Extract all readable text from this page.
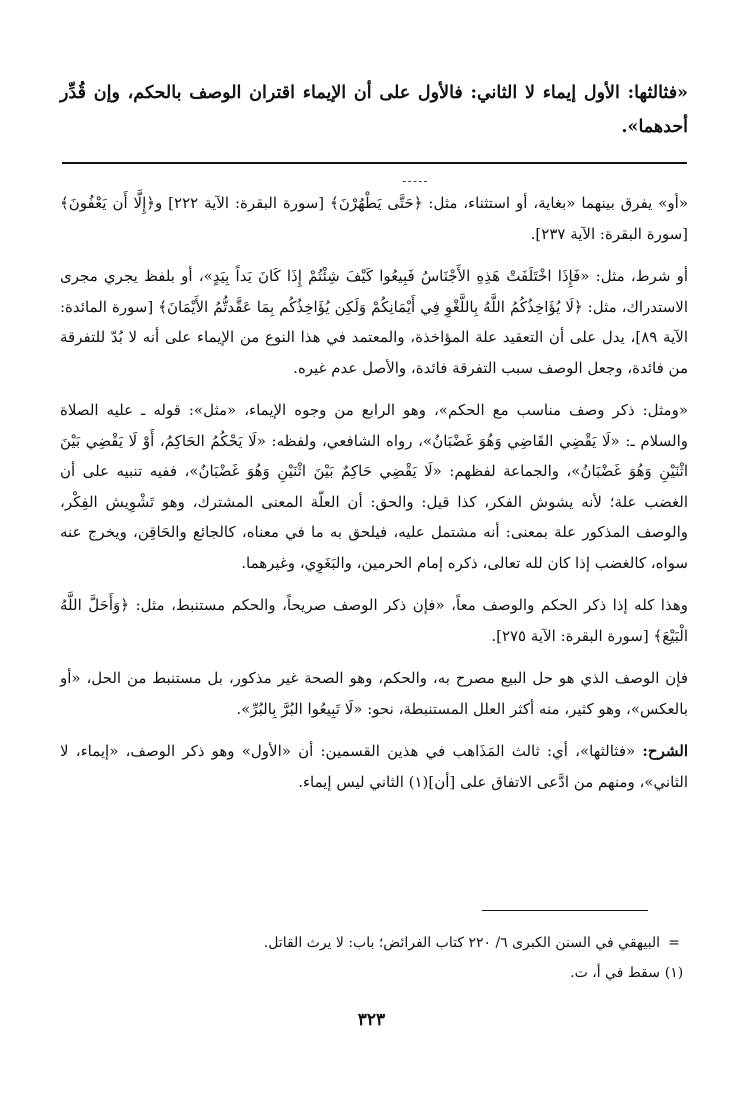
«فثالثها: الأول إيماء لا الثاني: فالأول على أن الإيماء اقتران الوصف بالحكم، وإن قُدِّر أحدهما».

«أو» يفرق بينهما «بغاية، أو استثناء، مثل: ﴿حَتَّى يَطْهُرْنَ﴾ [سورة البقرة: الآية ٢٢٢] و﴿إِلَّا أَن يَعْفُونَ﴾ [سورة البقرة: الآية ٢٣٧].

أو شرط، مثل: «فَإِذَا اخْتَلَفَتْ هَذِهِ الأَجْنَاسُ فَبِيعُوا كَيْفَ شِئْتُمْ إِذَا كَانَ يَداً بِيَدٍ»، أو بلفظ يجري مجرى الاستدراك، مثل: ﴿لَا يُؤَاخِذُكُمُ اللَّهُ بِاللَّغْوِ فِي أَيْمَانِكُمْ وَلَكِن يُؤَاخِذُكُم بِمَا عَقَّدتُّمُ الأَيْمَانَ﴾ [سورة المائدة: الآية ٨٩]، يدل على أن التعقيد علة المؤاخذة، والمعتمد في هذا النوع من الإيماء على أنه لا بُدّ للتفرقة من فائدة، وجعل الوصف سبب التفرقة فائدة، والأصل عدم غيره.

«ومثل: ذكر وصف مناسب مع الحكم»، وهو الرابع من وجوه الإيماء، «مثل»: قوله ـ عليه الصلاة والسلام ـ: «لَا يَقْضِي القَاضِي وَهُوَ غَضْبَانُ»، رواه الشافعي، ولفظه: «لَا يَحْكُمُ الحَاكِمُ، أَوْ لَا يَقْضِي بَيْنَ اثْنَيْنِ وَهُوَ غَضْبَانُ»، والجماعة لفظهم: «لَا يَقْضِي حَاكِمٌ بَيْنَ اثْنَيْنِ وَهُوَ غَضْبَانُ»، ففيه تنبيه على أن الغضب علة؛ لأنه يشوش الفكر، كذا قيل: والحق: أن العلّة المعنى المشترك، وهو تَشْوِيش الفِكْر، والوصف المذكور علة بمعنى: أنه مشتمل عليه، فيلحق به ما في معناه، كالجائع والحَاقِن، ويخرج عنه سواه، كالغضب إذا كان لله تعالى، ذكره إمام الحرمين، والبَغَوِي، وغيرهما.

وهذا كله إذا ذكر الحكم والوصف معاً، «فإن ذكر الوصف صريحاً، والحكم مستنبط، مثل: ﴿وَأَحَلَّ اللَّهُ الْبَيْعَ﴾ [سورة البقرة: الآية ٢٧٥].

فإن الوصف الذي هو حل البيع مصرح به، والحكم، وهو الصحة غير مذكور، بل مستنبط من الحل، «أو بالعكس»، وهو كثير، منه أكثر العلل المستنبطة، نحو: «لَا تَبِيعُوا البُرَّ بِالبُرِّ».

الشرح: «فثالثها»، أي: ثالث المَذَاهب في هذين القسمين: أن «الأول» وهو ذكر الوصف، «إيماء، لا الثاني»، ومنهم من ادَّعى الاتفاق على [أن](١) الثاني ليس إيماء.

=
البيهقي في السنن الكبرى ٦/ ٢٢٠ كتاب الفرائض؛ باب: لا يرث القاتل.
(١)
سقط في أ، ت.
٣٢٣
